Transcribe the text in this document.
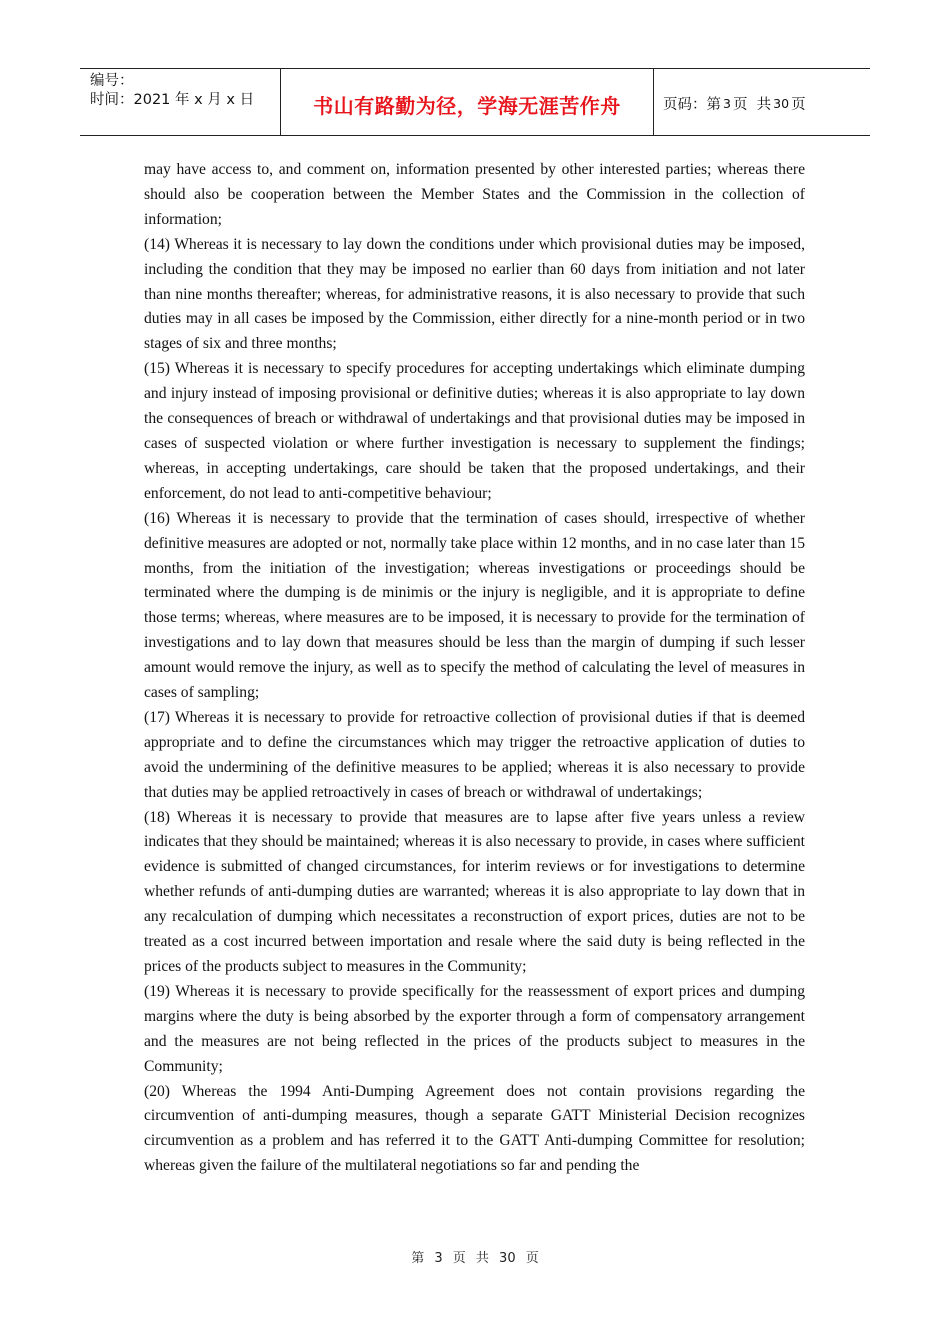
编号：
时间：2021 年 x 月 x 日	书山有路勤为径，学海无涯苦作舟	页码：第 3 页  共 30 页

may have access to, and comment on, information presented by other interested parties; whereas there should also be cooperation between the Member States and the Commission in the collection of information;

(14) Whereas it is necessary to lay down the conditions under which provisional duties may be imposed, including the condition that they may be imposed no earlier than 60 days from initiation and not later than nine months thereafter; whereas, for administrative reasons, it is also necessary to provide that such duties may in all cases be imposed by the Commission, either directly for a nine-month period or in two stages of six and three months;

(15) Whereas it is necessary to specify procedures for accepting undertakings which eliminate dumping and injury instead of imposing provisional or definitive duties; whereas it is also appropriate to lay down the consequences of breach or withdrawal of undertakings and that provisional duties may be imposed in cases of suspected violation or where further investigation is necessary to supplement the findings; whereas, in accepting undertakings, care should be taken that the proposed undertakings, and their enforcement, do not lead to anti-competitive behaviour;

(16) Whereas it is necessary to provide that the termination of cases should, irrespective of whether definitive measures are adopted or not, normally take place within 12 months, and in no case later than 15 months, from the initiation of the investigation; whereas investigations or proceedings should be terminated where the dumping is de minimis or the injury is negligible, and it is appropriate to define those terms; whereas, where measures are to be imposed, it is necessary to provide for the termination of investigations and to lay down that measures should be less than the margin of dumping if such lesser amount would remove the injury, as well as to specify the method of calculating the level of measures in cases of sampling;

(17) Whereas it is necessary to provide for retroactive collection of provisional duties if that is deemed appropriate and to define the circumstances which may trigger the retroactive application of duties to avoid the undermining of the definitive measures to be applied; whereas it is also necessary to provide that duties may be applied retroactively in cases of breach or withdrawal of undertakings;

(18) Whereas it is necessary to provide that measures are to lapse after five years unless a review indicates that they should be maintained; whereas it is also necessary to provide, in cases where sufficient evidence is submitted of changed circumstances, for interim reviews or for investigations to determine whether refunds of anti-dumping duties are warranted; whereas it is also appropriate to lay down that in any recalculation of dumping which necessitates a reconstruction of export prices, duties are not to be treated as a cost incurred between importation and resale where the said duty is being reflected in the prices of the products subject to measures in the Community;

(19) Whereas it is necessary to provide specifically for the reassessment of export prices and dumping margins where the duty is being absorbed by the exporter through a form of compensatory arrangement and the measures are not being reflected in the prices of the products subject to measures in the Community;

(20) Whereas the 1994 Anti-Dumping Agreement does not contain provisions regarding the circumvention of anti-dumping measures, though a separate GATT Ministerial Decision recognizes circumvention as a problem and has referred it to the GATT Anti-dumping Committee for resolution; whereas given the failure of the multilateral negotiations so far and pending the

第 3 页 共 30 页
